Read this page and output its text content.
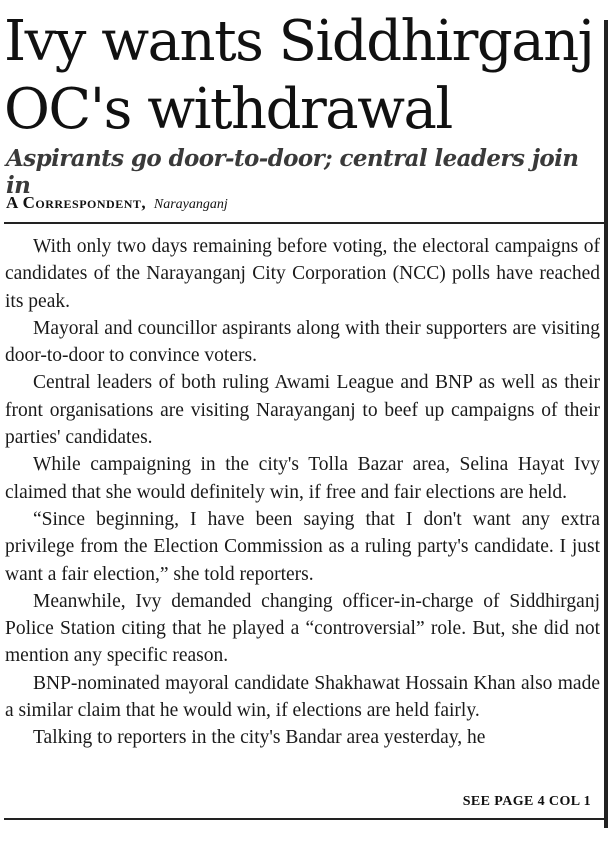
Ivy wants Siddhirganj OC's withdrawal
Aspirants go door-to-door; central leaders join in
A Correspondent, Narayanganj

With only two days remaining before voting, the electoral campaigns of candidates of the Narayanganj City Corporation (NCC) polls have reached its peak.

Mayoral and councillor aspirants along with their supporters are visiting door-to-door to convince voters.

Central leaders of both ruling Awami League and BNP as well as their front organisations are visiting Narayanganj to beef up campaigns of their parties' candidates.

While campaigning in the city's Tolla Bazar area, Selina Hayat Ivy claimed that she would definitely win, if free and fair elections are held.

“Since beginning, I have been saying that I don't want any extra privilege from the Election Commission as a ruling party's candidate. I just want a fair election,” she told reporters.

Meanwhile, Ivy demanded changing officer-in-charge of Siddhirganj Police Station citing that he played a “controversial” role. But, she did not mention any specific reason.

BNP-nominated mayoral candidate Shakhawat Hossain Khan also made a similar claim that he would win, if elections are held fairly.

Talking to reporters in the city's Bandar area yesterday, he

SEE PAGE 4 COL 1
